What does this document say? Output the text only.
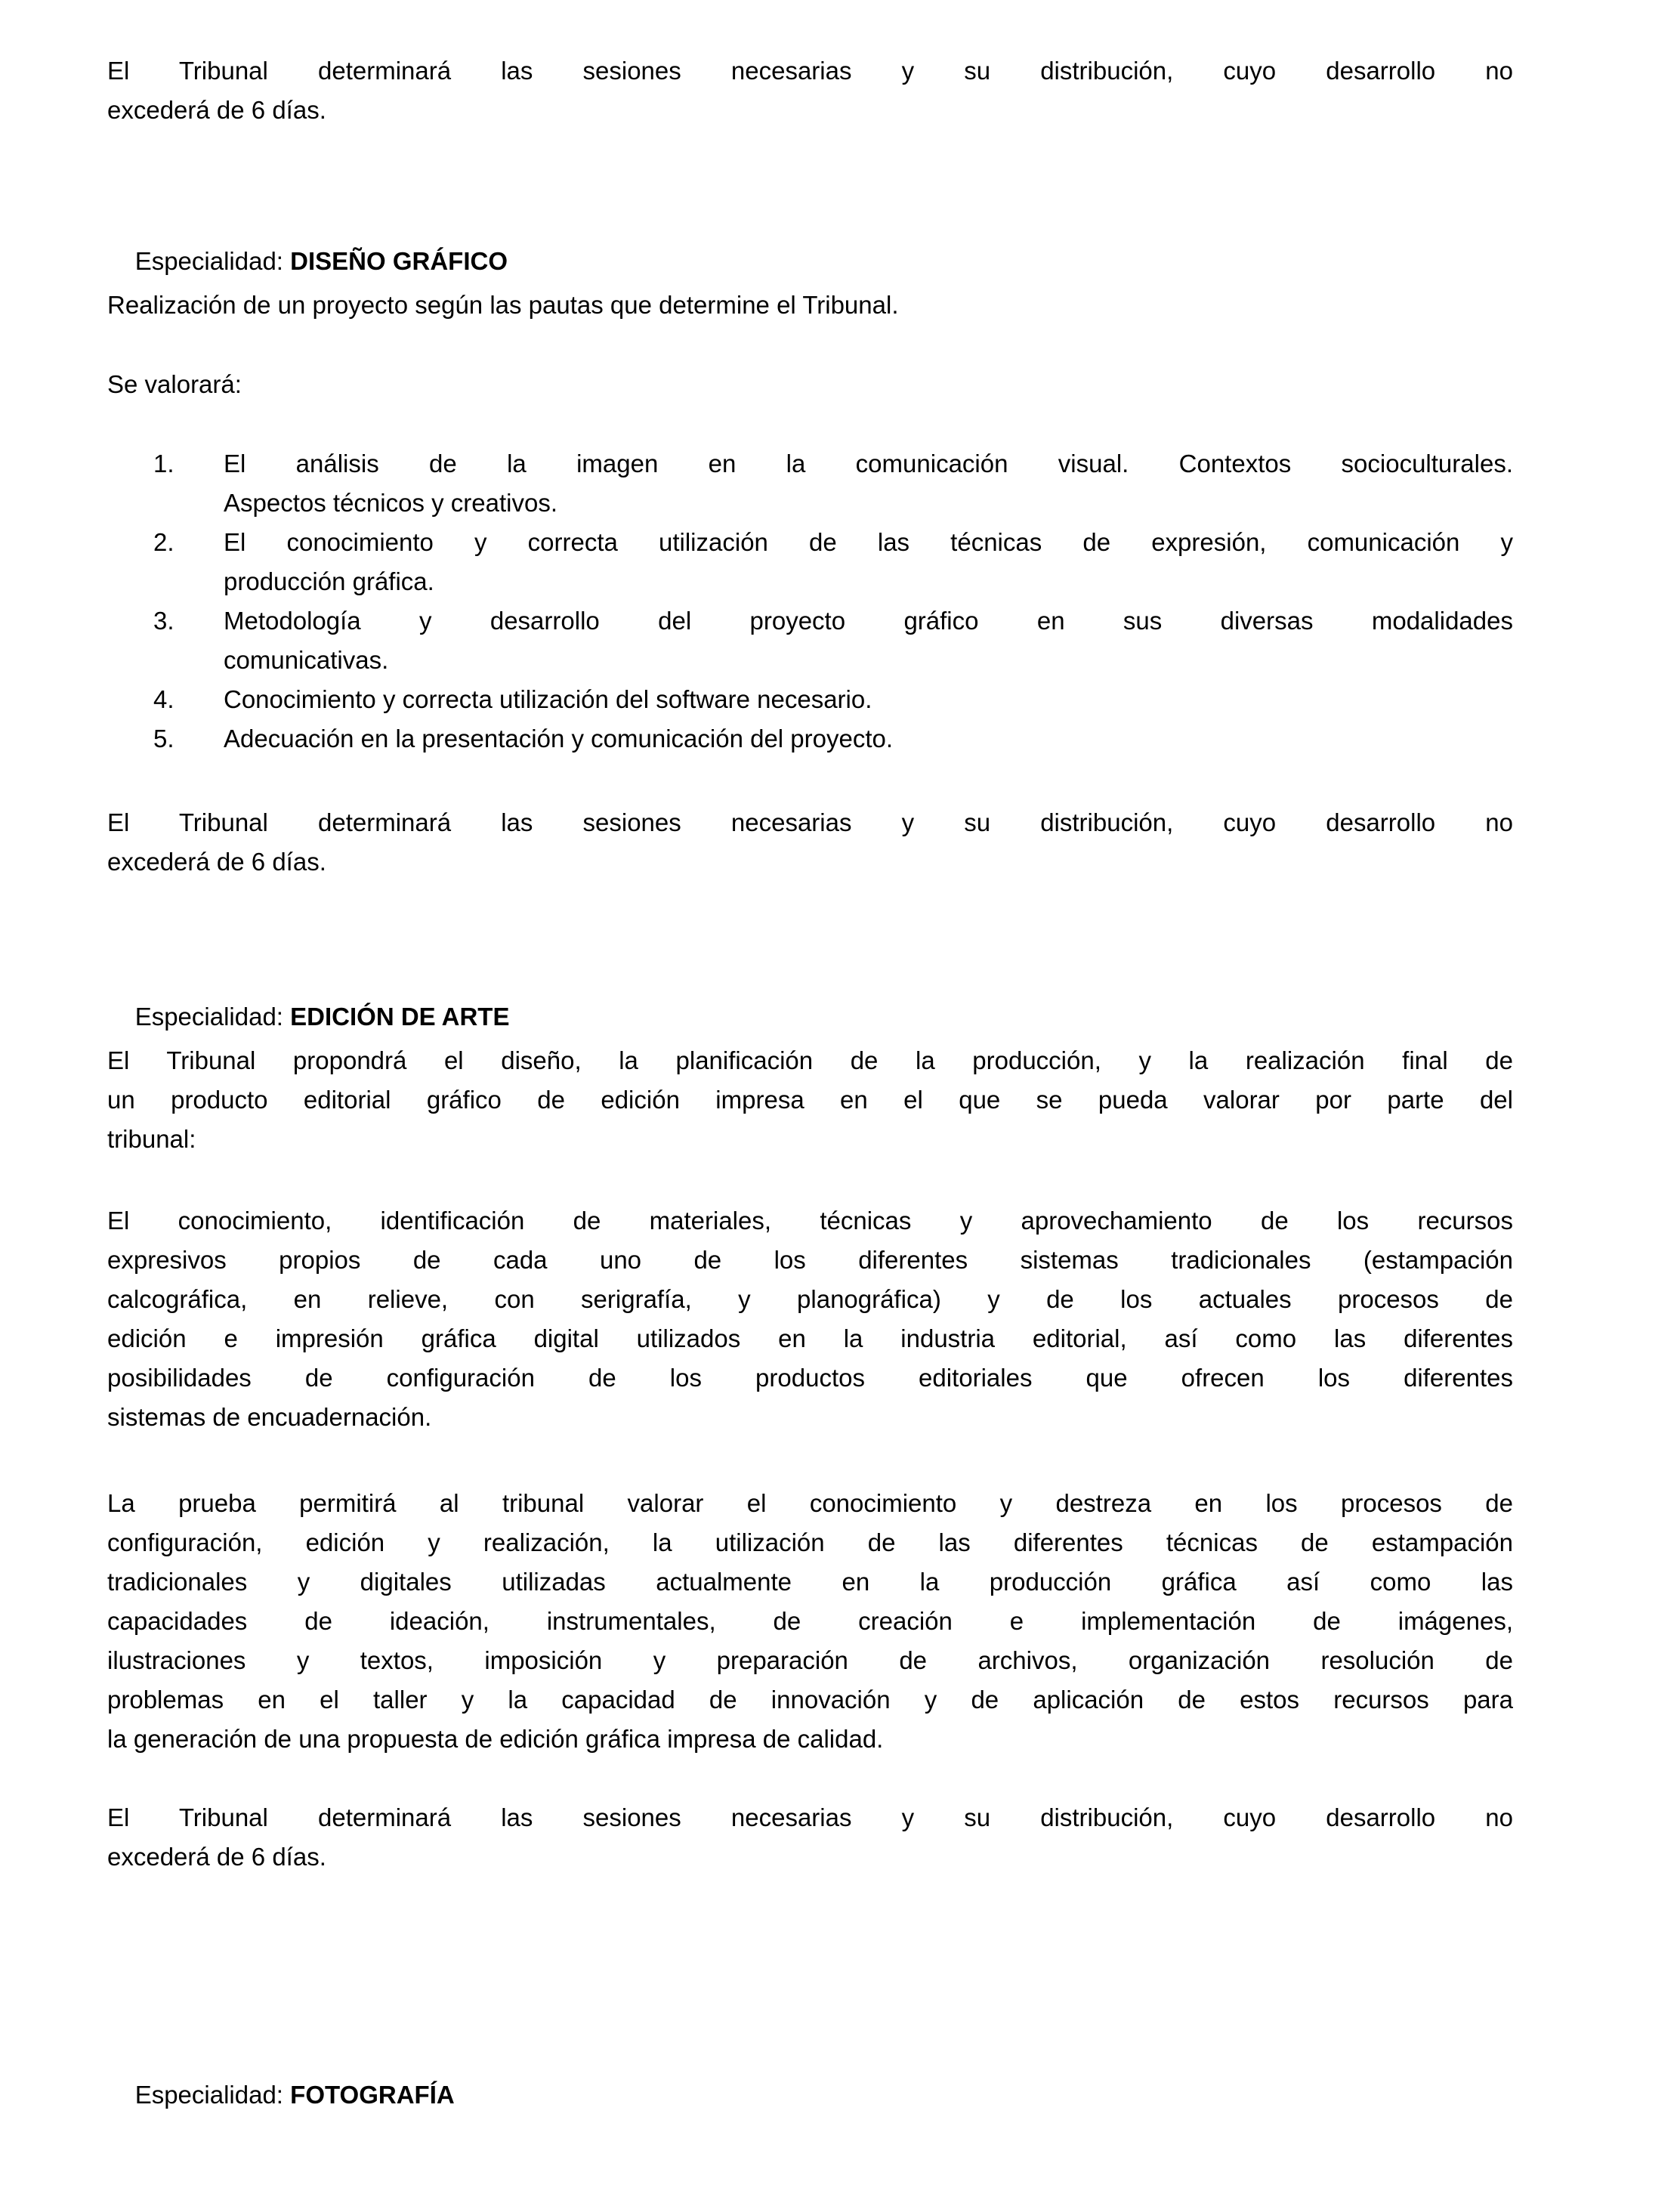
El Tribunal determinará las sesiones necesarias y su distribución, cuyo desarrollo no
excederá de 6 días.

Especialidad: DISEÑO GRÁFICO

Realización de un proyecto según las pautas que determine el Tribunal.
Se valorará:
1. El análisis de la imagen en la comunicación visual. Contextos socioculturales.
Aspectos técnicos y creativos.
2. El conocimiento y correcta utilización de las técnicas de expresión, comunicación y
producción gráfica.
3. Metodología y desarrollo del proyecto gráfico en sus diversas modalidades
comunicativas.
4. Conocimiento y correcta utilización del software necesario.
5. Adecuación en la presentación y comunicación del proyecto.
El Tribunal determinará las sesiones necesarias y su distribución, cuyo desarrollo no
excederá de 6 días.

Especialidad: EDICIÓN DE ARTE

El Tribunal propondrá el diseño, la planificación de la producción, y la realización final de
un producto editorial gráfico de edición impresa en el que se pueda valorar por parte del
tribunal:
El conocimiento, identificación de materiales, técnicas y aprovechamiento de los recursos
expresivos propios de cada uno de los diferentes sistemas tradicionales (estampación
calcográfica, en relieve, con serigrafía, y planográfica) y de los actuales procesos de
edición e impresión gráfica digital utilizados en la industria editorial, así como las diferentes
posibilidades de configuración de los productos editoriales que ofrecen los diferentes
sistemas de encuadernación.
La prueba permitirá al tribunal valorar el conocimiento y destreza en los procesos de
configuración, edición y realización, la utilización de las diferentes técnicas de estampación
tradicionales y digitales utilizadas actualmente en la producción gráfica así como las
capacidades de ideación, instrumentales, de creación e implementación de imágenes,
ilustraciones y textos, imposición y preparación de archivos, organización resolución de
problemas en el taller y la capacidad de innovación y de aplicación de estos recursos para
la generación de una propuesta de edición gráfica impresa de calidad.
El Tribunal determinará las sesiones necesarias y su distribución, cuyo desarrollo no
excederá de 6 días.

Especialidad: FOTOGRAFÍA
